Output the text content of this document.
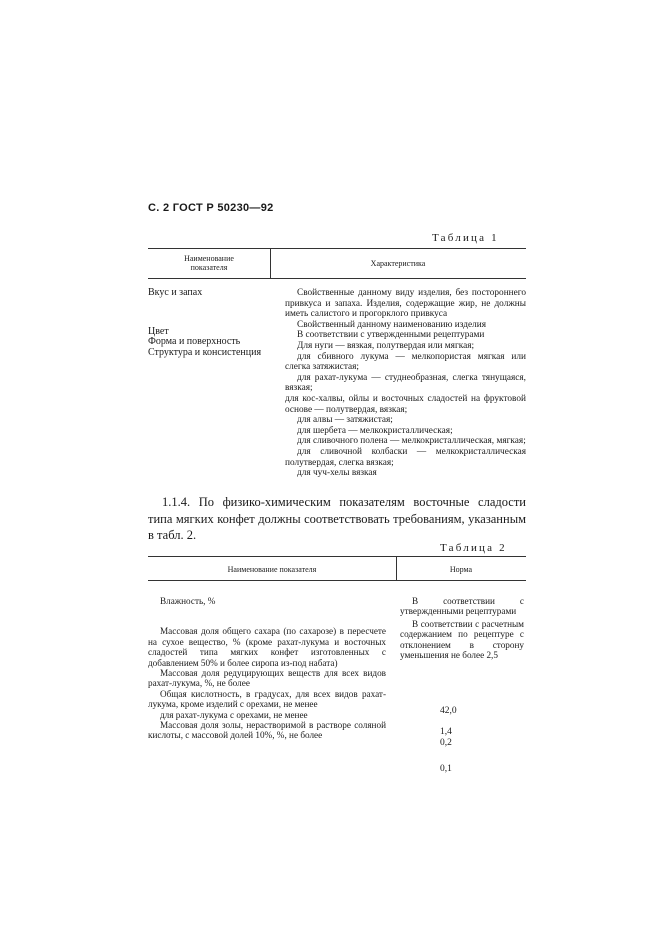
С. 2 ГОСТ Р 50230—92
Таблица 1
Наименование
показателя	Характеристика
Вкус и запах
Цвет
Форма и поверхность
Структура и консистенция

Свойственные данному виду изделия, без постороннего привкуса и запаха. Изделия, содержащие жир, не должны иметь салистого и прогорклого привкуса

Свойственный данному наименованию изделия

В соответствии с утвержденными рецептурами

Для нуги — вязкая, полутвердая или мягкая;

для сбивного лукума — мелкопористая мягкая или слегка затяжистая;

для рахат-лукума — студнеобразная, слегка тянущаяся, вязкая;

для кос-халвы, ойлы и восточных сладостей на фруктовой основе — полутвердая, вязкая;

для алвы — затяжистая;

для шербета — мелкокристаллическая;

для сливочного полена — мелкокристаллическая, мягкая;

для сливочной колбаски — мелкокристаллическая полутвердая, слегка вязкая;

для чуч-хелы вязкая

1.1.4. По физико-химическим показателям восточные сладости типа мягких конфет должны соответствовать требованиям, указанным в табл. 2.

Таблица 2
Наименование показателя	Норма

Влажность, %

Массовая доля общего сахара (по сахарозе) в пересчете на сухое вещество, % (кроме рахат-лукума и восточных сладостей типа мягких конфет изготовленных с добавлением 50% и более сиропа из-под набата)

Массовая доля редуцирующих веществ для всех видов рахат-лукума, %, не более

Общая кислотность, в градусах, для всех видов рахат-лукума, кроме изделий с орехами, не менее

для рахат-лукума с орехами, не менее

Массовая доля золы, нерастворимой в растворе соляной кислоты, с массовой долей 10%, %, не более

В соответствии с утвержденными рецептурами

В соответствии с расчетным содержанием по рецептуре с отклонением в сторону уменьшения не более 2,5

42,0
1,4
0,2
0,1
